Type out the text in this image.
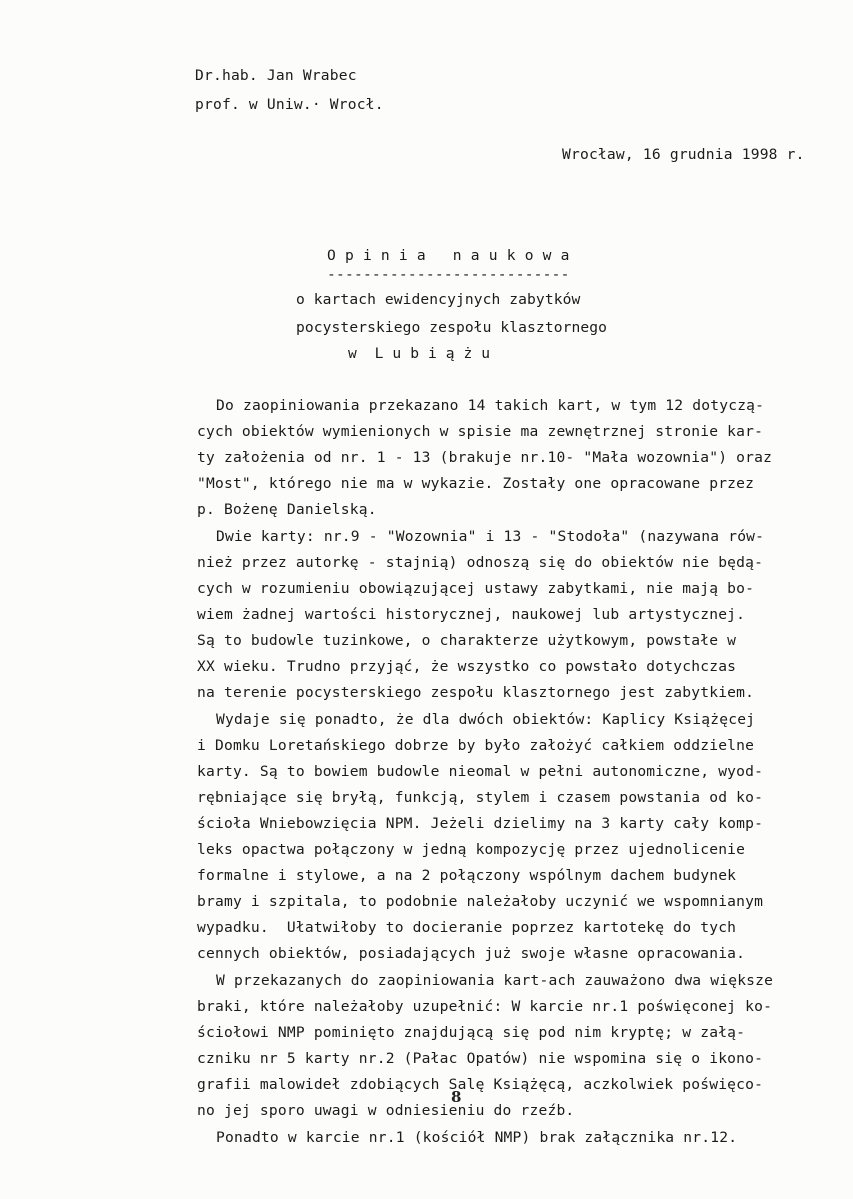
Dr.hab. Jan Wrabec
prof. w Uniw.· Wrocł.
Wrocław, 16 grudnia 1998 r.
O p i n i a   n a u k o w a
---------------------------
o kartach ewidencyjnych zabytków
pocysterskiego zespołu klasztornego
w  L u b i ą ż u
Do zaopiniowania przekazano 14 takich kart, w tym 12 dotyczą-
cych obiektów wymienionych w spisie ma zewnętrznej stronie kar-
ty założenia od nr. 1 - 13 (brakuje nr.10- "Mała wozownia") oraz
"Most", którego nie ma w wykazie. Zostały one opracowane przez
p. Bożenę Danielską.
Dwie karty: nr.9 - "Wozownia" i 13 - "Stodoła" (nazywana rów-
nież przez autorkę - stajnią) odnoszą się do obiektów nie będą-
cych w rozumieniu obowiązującej ustawy zabytkami, nie mają bo-
wiem żadnej wartości historycznej, naukowej lub artystycznej.
Są to budowle tuzinkowe, o charakterze użytkowym, powstałe w
XX wieku. Trudno przyjąć, że wszystko co powstało dotychczas
na terenie pocysterskiego zespołu klasztornego jest zabytkiem.
Wydaje się ponadto, że dla dwóch obiektów: Kaplicy Książęcej
i Domku Loretańskiego dobrze by było założyć całkiem oddzielne
karty. Są to bowiem budowle nieomal w pełni autonomiczne, wyod-
rębniające się bryłą, funkcją, stylem i czasem powstania od ko-
ścioła Wniebowzięcia NPM. Jeżeli dzielimy na 3 karty cały komp-
leks opactwa połączony w jedną kompozycję przez ujednolicenie
formalne i stylowe, a na 2 połączony wspólnym dachem budynek
bramy i szpitala, to podobnie należałoby uczynić we wspomnianym
wypadku.  Ułatwiłoby to docieranie poprzez kartotekę do tych
cennych obiektów, posiadających już swoje własne opracowania.
W przekazanych do zaopiniowania kart-ach zauważono dwa większe
braki, które należałoby uzupełnić: W karcie nr.1 poświęconej ko-
ściołowi NMP pominięto znajdującą się pod nim kryptę; w załą-
czniku nr 5 karty nr.2 (Pałac Opatów) nie wspomina się o ikono-
grafii malowideł zdobiących Salę Książęcą, aczkolwiek poświęco-
no jej sporo uwagi w odniesieniu do rzeźb.
Ponadto w karcie nr.1 (kościół NMP) brak załącznika nr.12.
8
